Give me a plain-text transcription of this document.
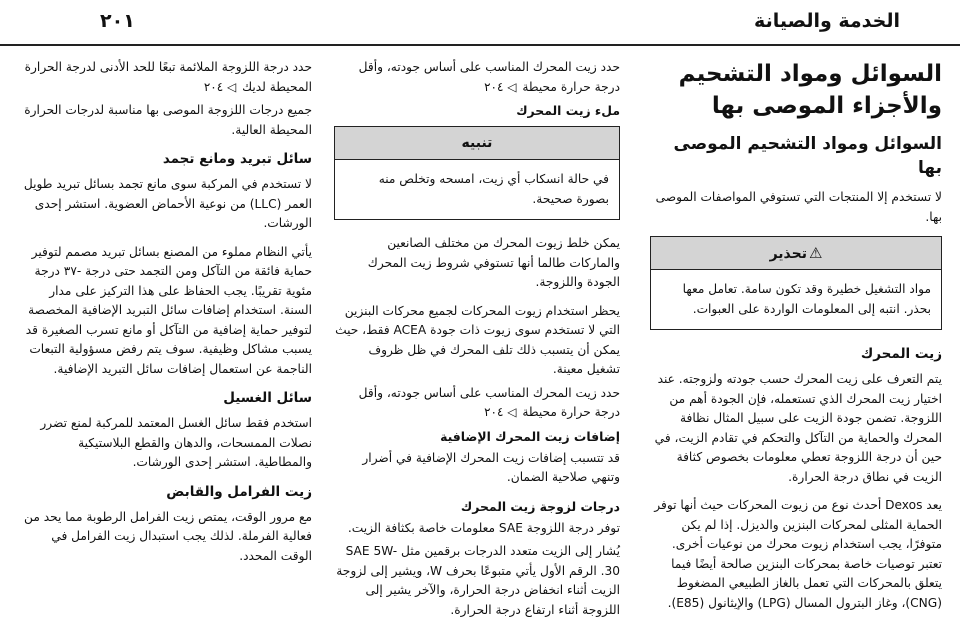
الخدمة والصيانة
٢٠١
السوائل ومواد التشحيم والأجزاء الموصى بها
السوائل ومواد التشحيم الموصى بها

لا تستخدم إلا المنتجات التي تستوفي المواصفات الموصى بها.

⚠تحذير
مواد التشغيل خطيرة وقد تكون سامة. تعامل معها بحذر. انتبه إلى المعلومات الواردة على العبوات.
زيت المحرك

يتم التعرف على زيت المحرك حسب جودته ولزوجته. عند اختيار زيت المحرك الذي تستعمله، فإن الجودة أهم من اللزوجة. تضمن جودة الزيت على سبيل المثال نظافة المحرك والحماية من التآكل والتحكم في تقادم الزيت، في حين أن درجة اللزوجة تعطي معلومات بخصوص كثافة الزيت في نطاق درجة الحرارة.

يعد Dexos أحدث نوع من زيوت المحركات حيث أنها توفر الحماية المثلى لمحركات البنزين والديزل. إذا لم يكن متوفرًا، يجب استخدام زيوت محرك من نوعيات أخرى. تعتبر توصيات خاصة بمحركات البنزين صالحة أيضًا فيما يتعلق بالمحركات التي تعمل بالغاز الطبيعي المضغوط (CNG)، وغاز البترول المسال (LPG) والإيثانول (E85).

حدد زيت المحرك المناسب على أساس جودته، وأقل درجة حرارة محيطة ◁ ٢٠٤

ملء زيت المحرك
تنبيه
في حالة انسكاب أي زيت، امسحه وتخلص منه بصورة صحيحة.

يمكن خلط زيوت المحرك من مختلف الصانعين والماركات طالما أنها تستوفي شروط زيت المحرك الجودة واللزوجة.

يحظر استخدام زيوت المحركات لجميع محركات البنزين التي لا تستخدم سوى زيوت ذات جودة ACEA فقط، حيث يمكن أن يتسبب ذلك تلف المحرك في ظل ظروف تشغيل معينة.

حدد زيت المحرك المناسب على أساس جودته، وأقل درجة حرارة محيطة ◁ ٢٠٤

إضافات زيت المحرك الإضافية

قد تتسبب إضافات زيت المحرك الإضافية في أضرار وتنهي صلاحية الضمان.

درجات لزوجة زيت المحرك

توفر درجة اللزوجة SAE معلومات خاصة بكثافة الزيت.

يُشار إلى الزيت متعدد الدرجات برقمين مثل SAE 5W-30. الرقم الأول يأتي متبوعًا بحرف W، ويشير إلى لزوجة الزيت أثناء انخفاض درجة الحرارة، والآخر يشير إلى اللزوجة أثناء ارتفاع درجة الحرارة.

حدد درجة اللزوجة الملائمة تبعًا للحد الأدنى لدرجة الحرارة المحيطة لديك ◁ ٢٠٤

جميع درجات اللزوجة الموصى بها مناسبة لدرجات الحرارة المحيطة العالية.

سائل تبريد ومانع تجمد

لا تستخدم في المركبة سوى مانع تجمد بسائل تبريد طويل العمر (LLC) من نوعية الأحماض العضوية. استشر إحدى الورشات.

يأتي النظام مملوء من المصنع بسائل تبريد مصمم لتوفير حماية فائقة من التآكل ومن التجمد حتى درجة -٣٧ درجة مئوية تقريبًا. يجب الحفاظ على هذا التركيز على مدار السنة. استخدام إضافات سائل التبريد الإضافية المخصصة لتوفير حماية إضافية من التآكل أو مانع تسرب الصغيرة قد يسبب مشاكل وظيفية. سوف يتم رفض مسؤولية التبعات الناجمة عن استعمال إضافات سائل التبريد الإضافية.

سائل الغسيل

استخدم فقط سائل الغسل المعتمد للمركبة لمنع تضرر نصلات الممسحات، والدهان والقطع البلاستيكية والمطاطية. استشر إحدى الورشات.

زيت الفرامل والقابض

مع مرور الوقت، يمتص زيت الفرامل الرطوبة مما يحد من فعالية الفرملة. لذلك يجب استبدال زيت الفرامل في الوقت المحدد.
